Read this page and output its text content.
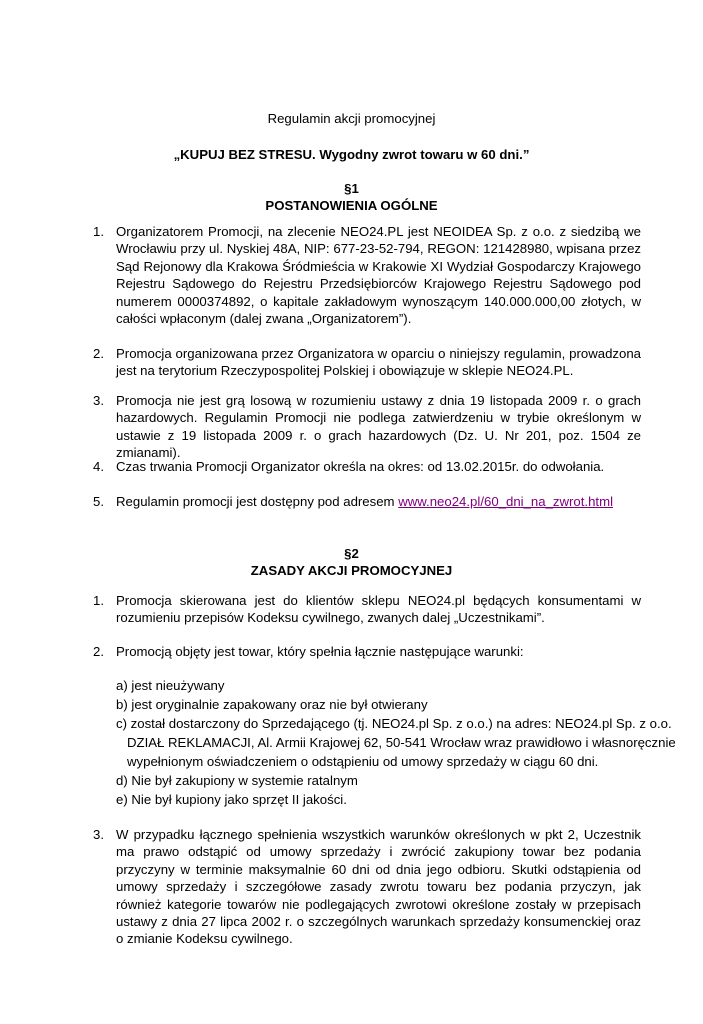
Regulamin akcji promocyjnej
„KUPUJ BEZ STRESU. Wygodny zwrot towaru w 60 dni.”
§1
POSTANOWIENIA OGÓLNE
1. Organizatorem Promocji, na zlecenie NEO24.PL jest NEOIDEA Sp. z o.o. z siedzibą we Wrocławiu przy ul. Nyskiej 48A, NIP: 677-23-52-794, REGON: 121428980, wpisana przez Sąd Rejonowy dla Krakowa Śródmieścia w Krakowie XI Wydział Gospodarczy Krajowego Rejestru Sądowego do Rejestru Przedsiębiorców Krajowego Rejestru Sądowego pod numerem 0000374892, o kapitale zakładowym wynoszącym 140.000.000,00 złotych, w całości wpłaconym (dalej zwana „Organizatorem”).
2. Promocja organizowana przez Organizatora w oparciu o niniejszy regulamin, prowadzona jest na terytorium Rzeczypospolitej Polskiej i obowiązuje w sklepie NEO24.PL.
3. Promocja nie jest grą losową w rozumieniu ustawy z dnia 19 listopada 2009 r. o grach hazardowych. Regulamin Promocji nie podlega zatwierdzeniu w trybie określonym w ustawie z 19 listopada 2009 r. o grach hazardowych (Dz. U. Nr 201, poz. 1504 ze zmianami).
4. Czas trwania Promocji Organizator określa na okres: od 13.02.2015r. do odwołania.
5. Regulamin promocji jest dostępny pod adresem www.neo24.pl/60_dni_na_zwrot.html
§2
ZASADY AKCJI PROMOCYJNEJ
1. Promocja skierowana jest do klientów sklepu NEO24.pl będących konsumentami w rozumieniu przepisów Kodeksu cywilnego, zwanych dalej „Uczestnikami”.
2. Promocją objęty jest towar, który spełnia łącznie następujące warunki:
a) jest nieużywany
b) jest oryginalnie zapakowany oraz nie był otwierany
c) został dostarczony do Sprzedającego (tj. NEO24.pl Sp. z o.o.) na adres: NEO24.pl Sp. z o.o.
DZIAŁ REKLAMACJI, Al. Armii Krajowej 62, 50-541 Wrocław wraz prawidłowo i własnoręcznie
wypełnionym oświadczeniem o odstąpieniu od umowy sprzedaży w ciągu 60 dni.
d) Nie był zakupiony w systemie ratalnym
e) Nie był kupiony jako sprzęt II jakości.
3. W przypadku łącznego spełnienia wszystkich warunków określonych w pkt 2, Uczestnik ma prawo odstąpić od umowy sprzedaży i zwrócić zakupiony towar bez podania przyczyny w terminie maksymalnie 60 dni od dnia jego odbioru. Skutki odstąpienia od umowy sprzedaży i szczegółowe zasady zwrotu towaru bez podania przyczyn, jak również kategorie towarów nie podlegających zwrotowi określone zostały w przepisach ustawy z dnia 27 lipca 2002 r. o szczególnych warunkach sprzedaży konsumenckiej oraz o zmianie Kodeksu cywilnego.
